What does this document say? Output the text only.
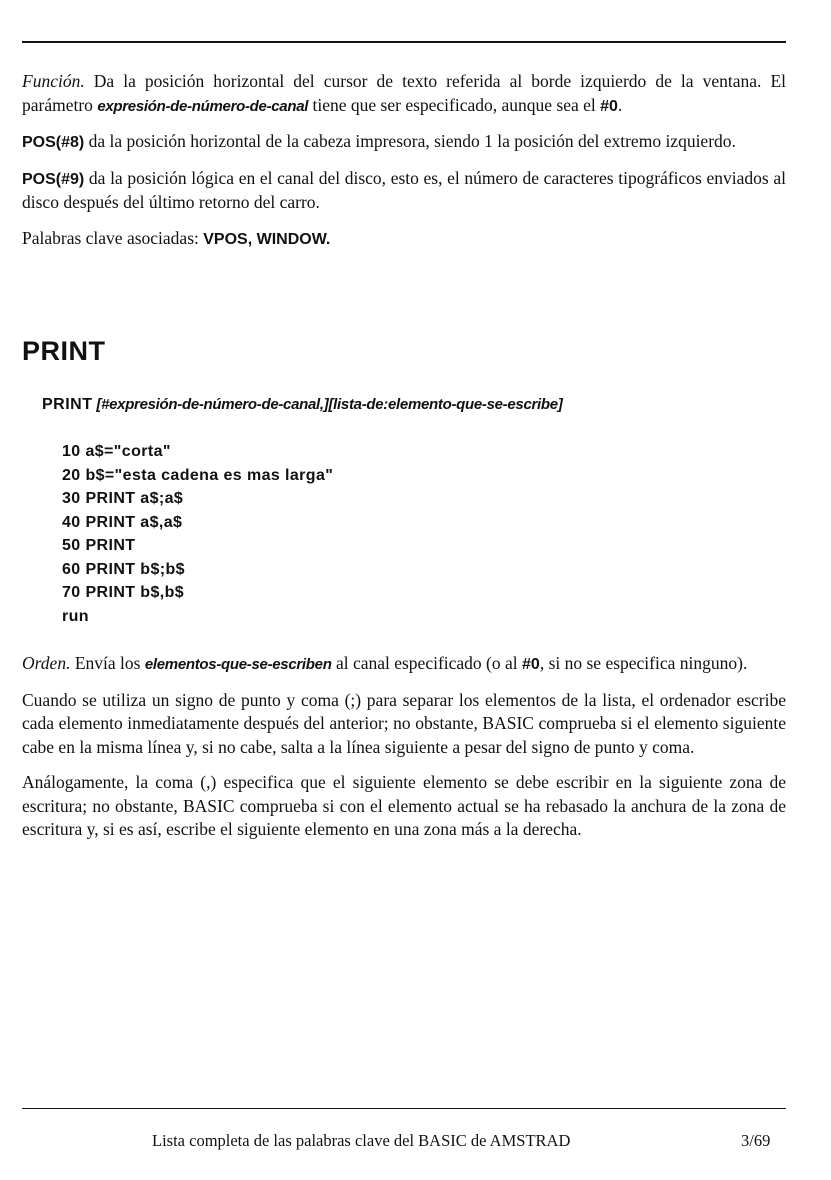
Función. Da la posición horizontal del cursor de texto referida al borde izquierdo de la ventana. El parámetro expresión-de-número-de-canal tiene que ser especificado, aunque sea el #0.

POS(#8) da la posición horizontal de la cabeza impresora, siendo 1 la posición del extremo izquierdo.

POS(#9) da la posición lógica en el canal del disco, esto es, el número de caracteres tipográficos enviados al disco después del último retorno del carro.

Palabras clave asociadas: VPOS, WINDOW.

PRINT
PRINT [#expresión-de-número-de-canal,][lista-de:elemento-que-se-escribe]
10 a$="corta"
20 b$="esta cadena es mas larga"
30 PRINT a$;a$
40 PRINT a$,a$
50 PRINT
60 PRINT b$;b$
70 PRINT b$,b$
run

Orden. Envía los elementos-que-se-escriben al canal especificado (o al #0, si no se especifica ninguno).

Cuando se utiliza un signo de punto y coma (;) para separar los elementos de la lista, el ordenador escribe cada elemento inmediatamente después del anterior; no obstante, BASIC comprueba si el elemento siguiente cabe en la misma línea y, si no cabe, salta a la línea siguiente a pesar del signo de punto y coma.

Análogamente, la coma (,) especifica que el siguiente elemento se debe escribir en la siguiente zona de escritura; no obstante, BASIC comprueba si con el elemento actual se ha rebasado la anchura de la zona de escritura y, si es así, escribe el siguiente elemento en una zona más a la derecha.

Lista completa de las palabras clave del BASIC de AMSTRAD	3/69
